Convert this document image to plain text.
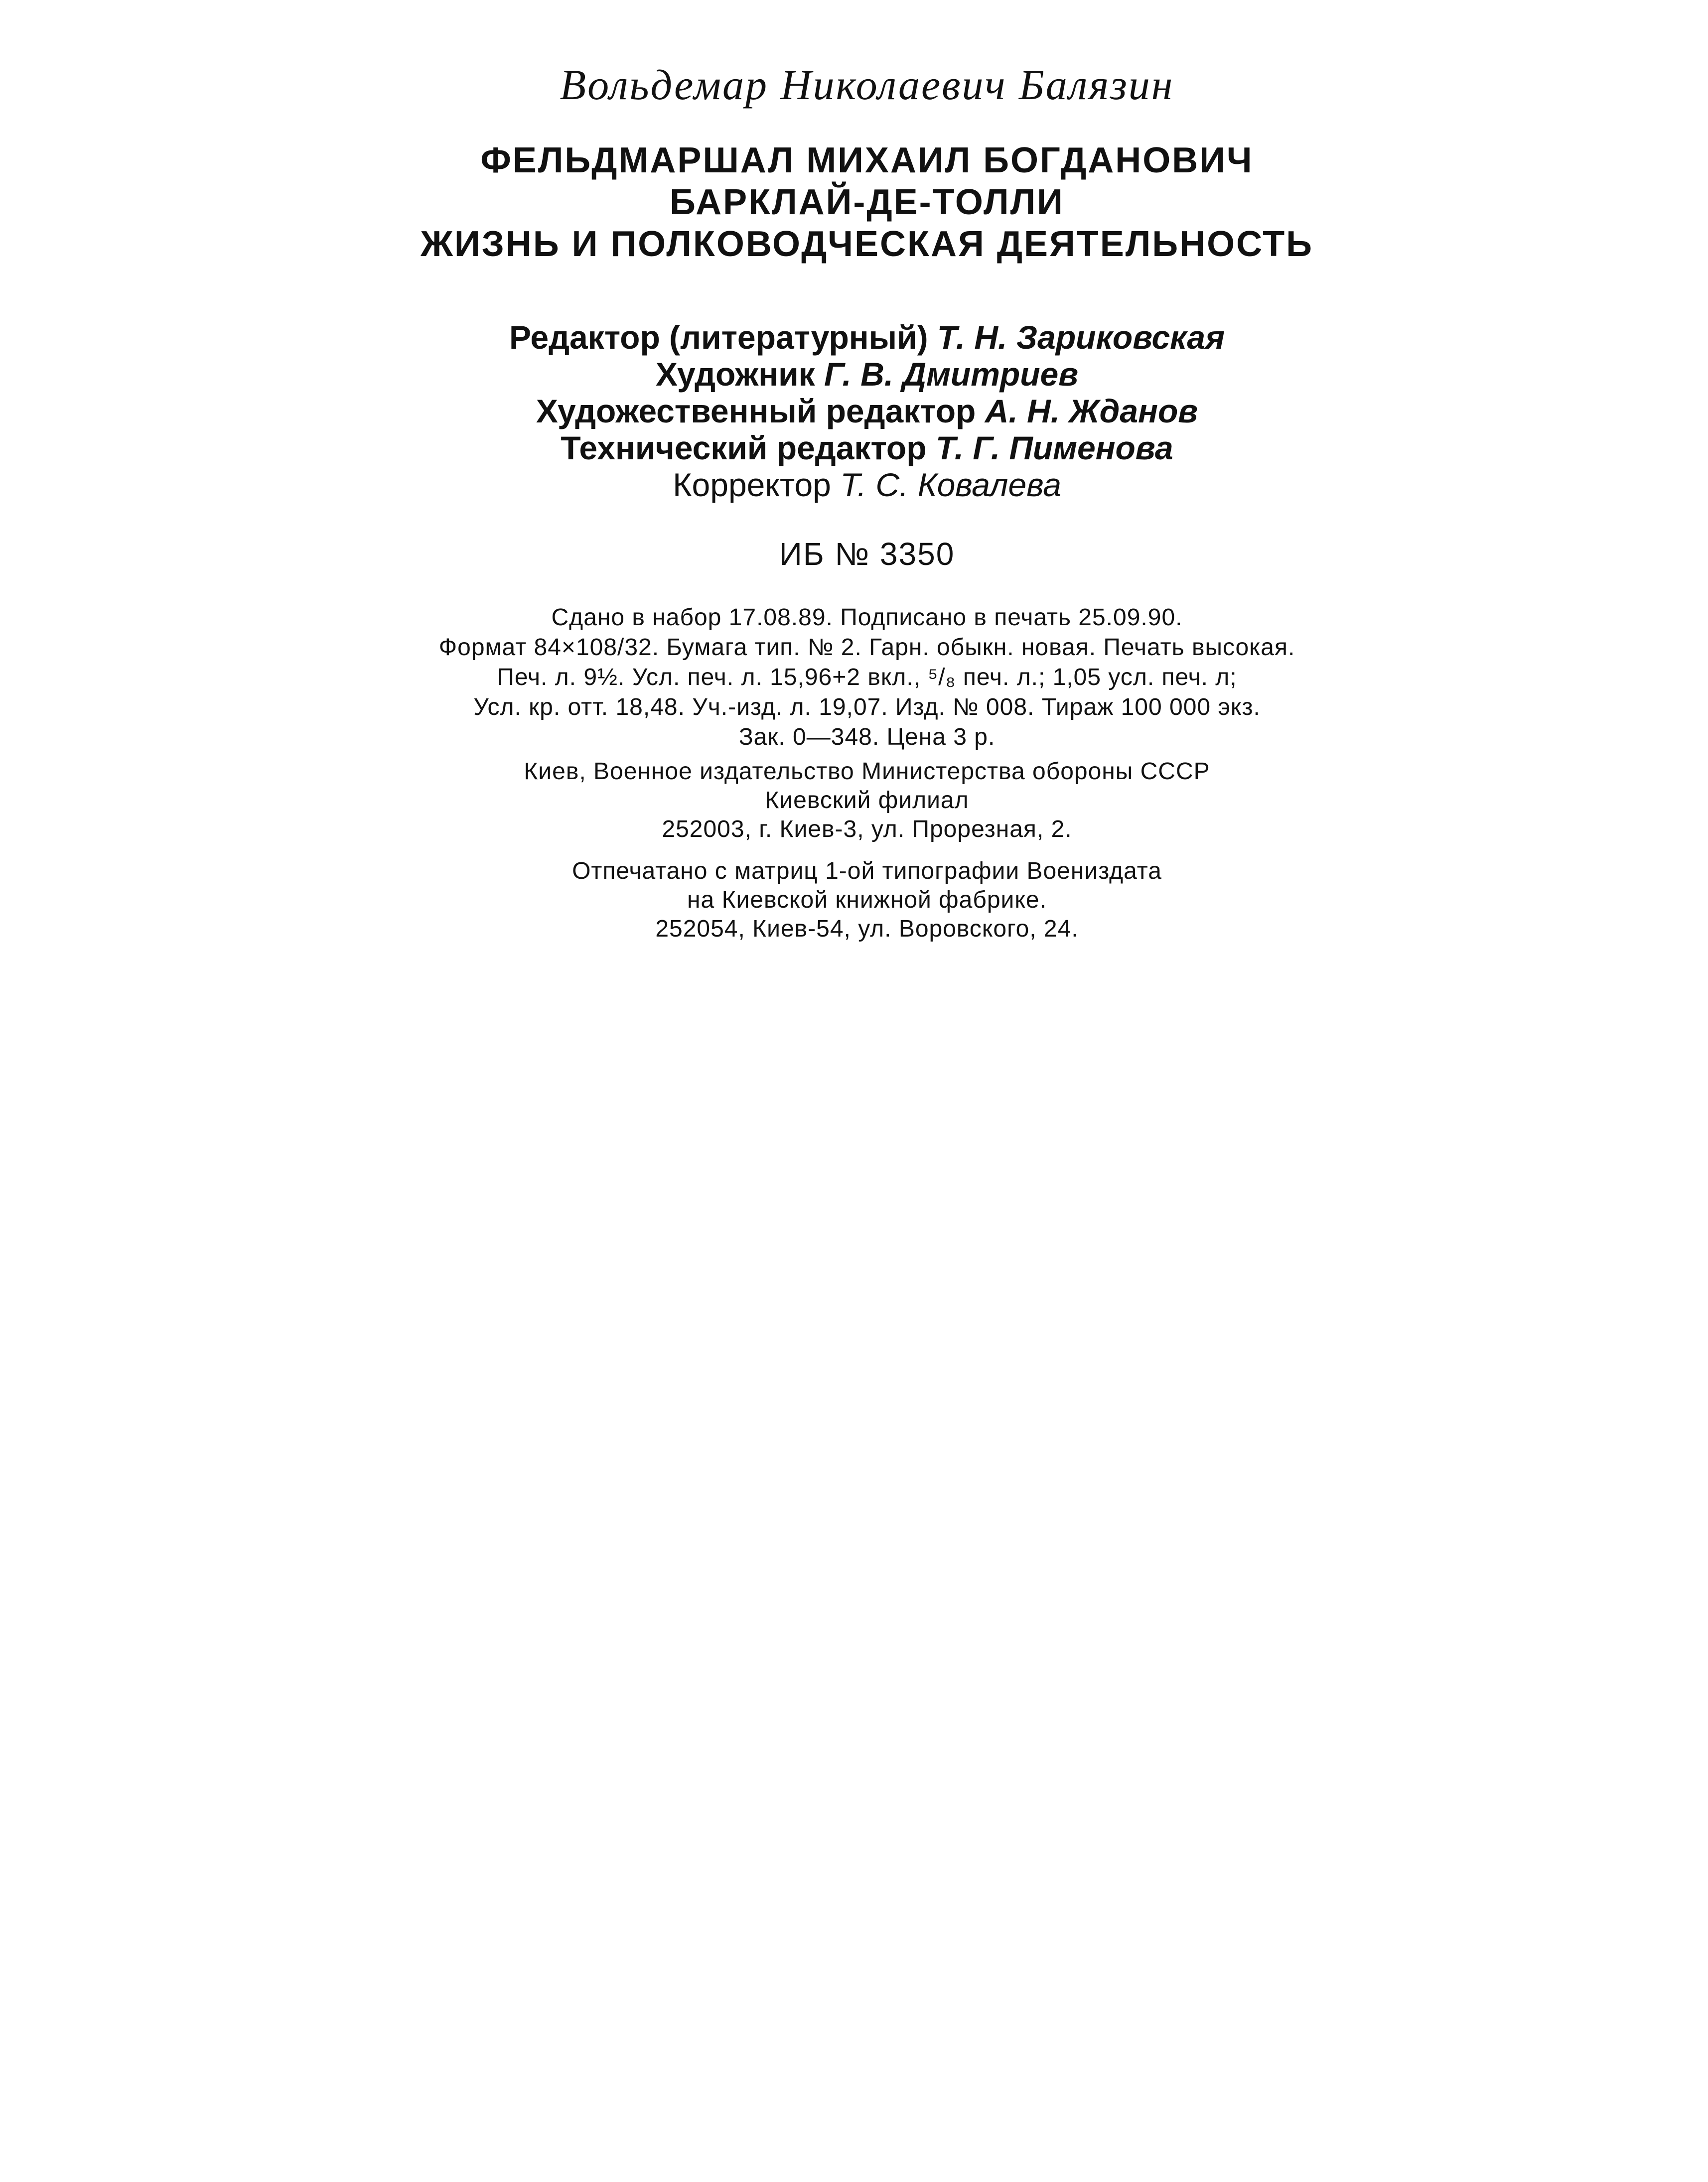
Вольдемар Николаевич Балязин
ФЕЛЬДМАРШАЛ МИХАИЛ БОГДАНОВИЧ
БАРКЛАЙ-ДЕ-ТОЛЛИ
ЖИЗНЬ И ПОЛКОВОДЧЕСКАЯ ДЕЯТЕЛЬНОСТЬ
Редактор (литературный) Т. Н. Зариковская
Художник Г. В. Дмитриев
Художественный редактор А. Н. Жданов
Технический редактор Т. Г. Пименова
Корректор Т. С. Ковалева
ИБ № 3350
Сдано в набор 17.08.89. Подписано в печать 25.09.90.
Формат 84×108/32. Бумага тип. № 2. Гарн. обыкн. новая. Печать высокая.
Печ. л. 9½. Усл. печ. л. 15,96+2 вкл., ⁵/₈ печ. л.; 1,05 усл. печ. л;
Усл. кр. отт. 18,48. Уч.-изд. л. 19,07. Изд. № 008. Тираж 100 000 экз.
Зак. 0—348. Цена 3 р.
Киев, Военное издательство Министерства обороны СССР
Киевский филиал
252003, г. Киев-3, ул. Прорезная, 2.
Отпечатано с матриц 1-ой типографии Воениздата
на Киевской книжной фабрике.
252054, Киев-54, ул. Воровского, 24.
